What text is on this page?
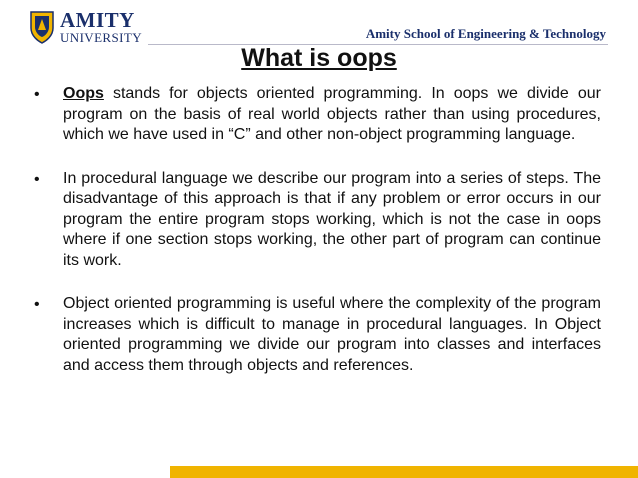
AMITY
UNIVERSITY	Amity School of Engineering & Technology
What is oops
• Oops stands for objects oriented programming. In oops we divide our program on the basis of real world objects rather than using procedures, which we have used in “C” and other non-object programming language.
• In procedural language we describe our program into a series of steps. The disadvantage of this approach is that if any problem or error occurs in our program the entire program stops working, which is not the case in oops where if one section stops working, the other part of program can continue its work.
• Object oriented programming is useful where the complexity of the program increases which is difficult to manage in procedural languages. In Object oriented programming we divide our program into classes and interfaces and access them through objects and references.
